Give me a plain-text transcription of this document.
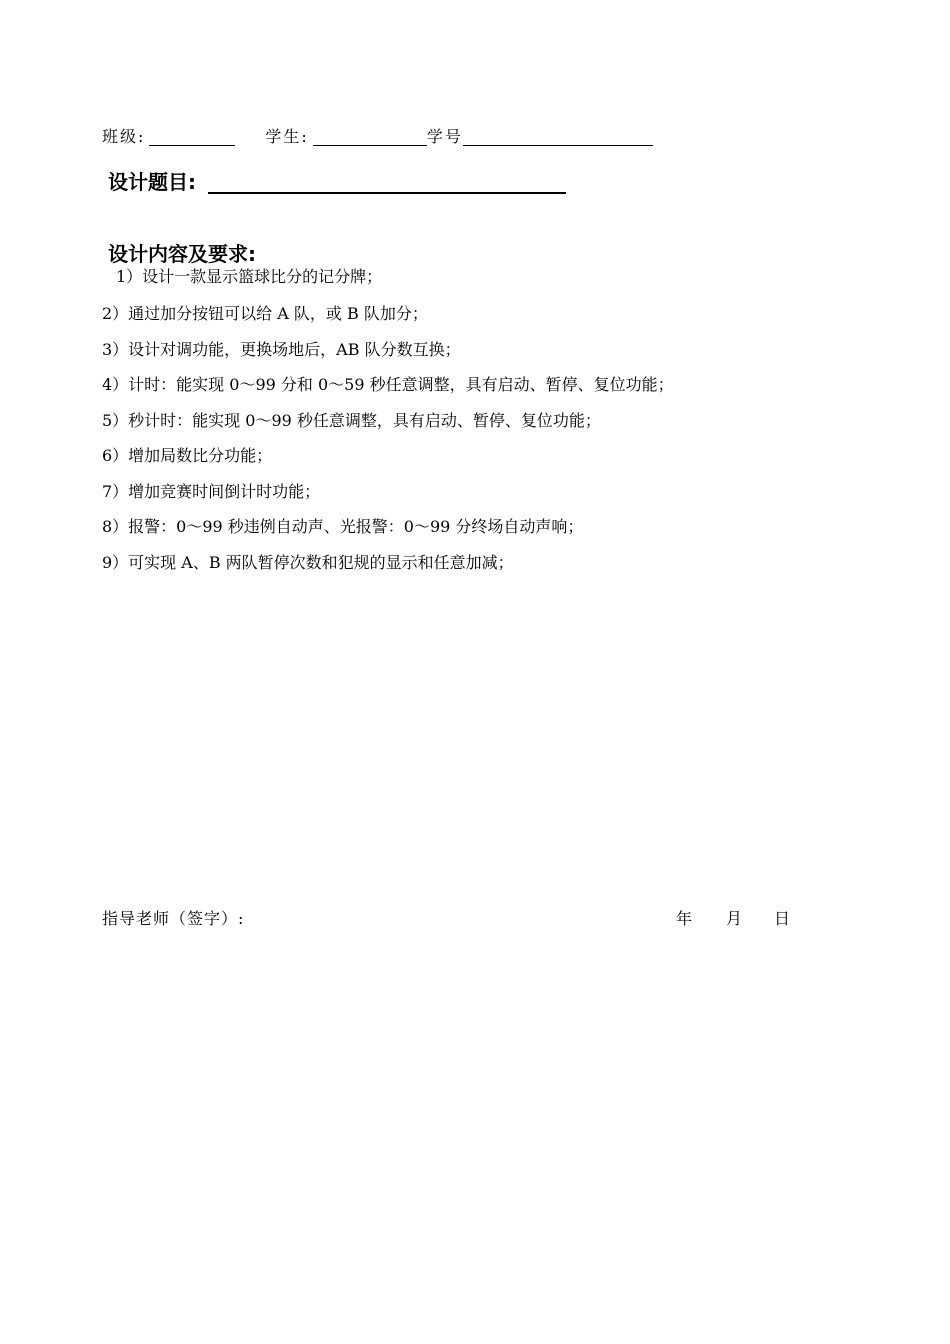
班级:	学生:	学号
设计题目:
设计内容及要求:
1）设计一款显示篮球比分的记分牌；
2）通过加分按钮可以给 A 队，或 B 队加分；
3）设计对调功能，更换场地后，AB 队分数互换；
4）计时：能实现 0～99 分和 0～59 秒任意调整，具有启动、暂停、复位功能；
5）秒计时：能实现 0～99 秒任意调整，具有启动、暂停、复位功能；
6）增加局数比分功能；
7）增加竞赛时间倒计时功能；
8）报警：0～99 秒违例自动声、光报警：0～99 分终场自动声响；
9）可实现 A、B 两队暂停次数和犯规的显示和任意加减；
指导老师（签字）:	年 月 日
